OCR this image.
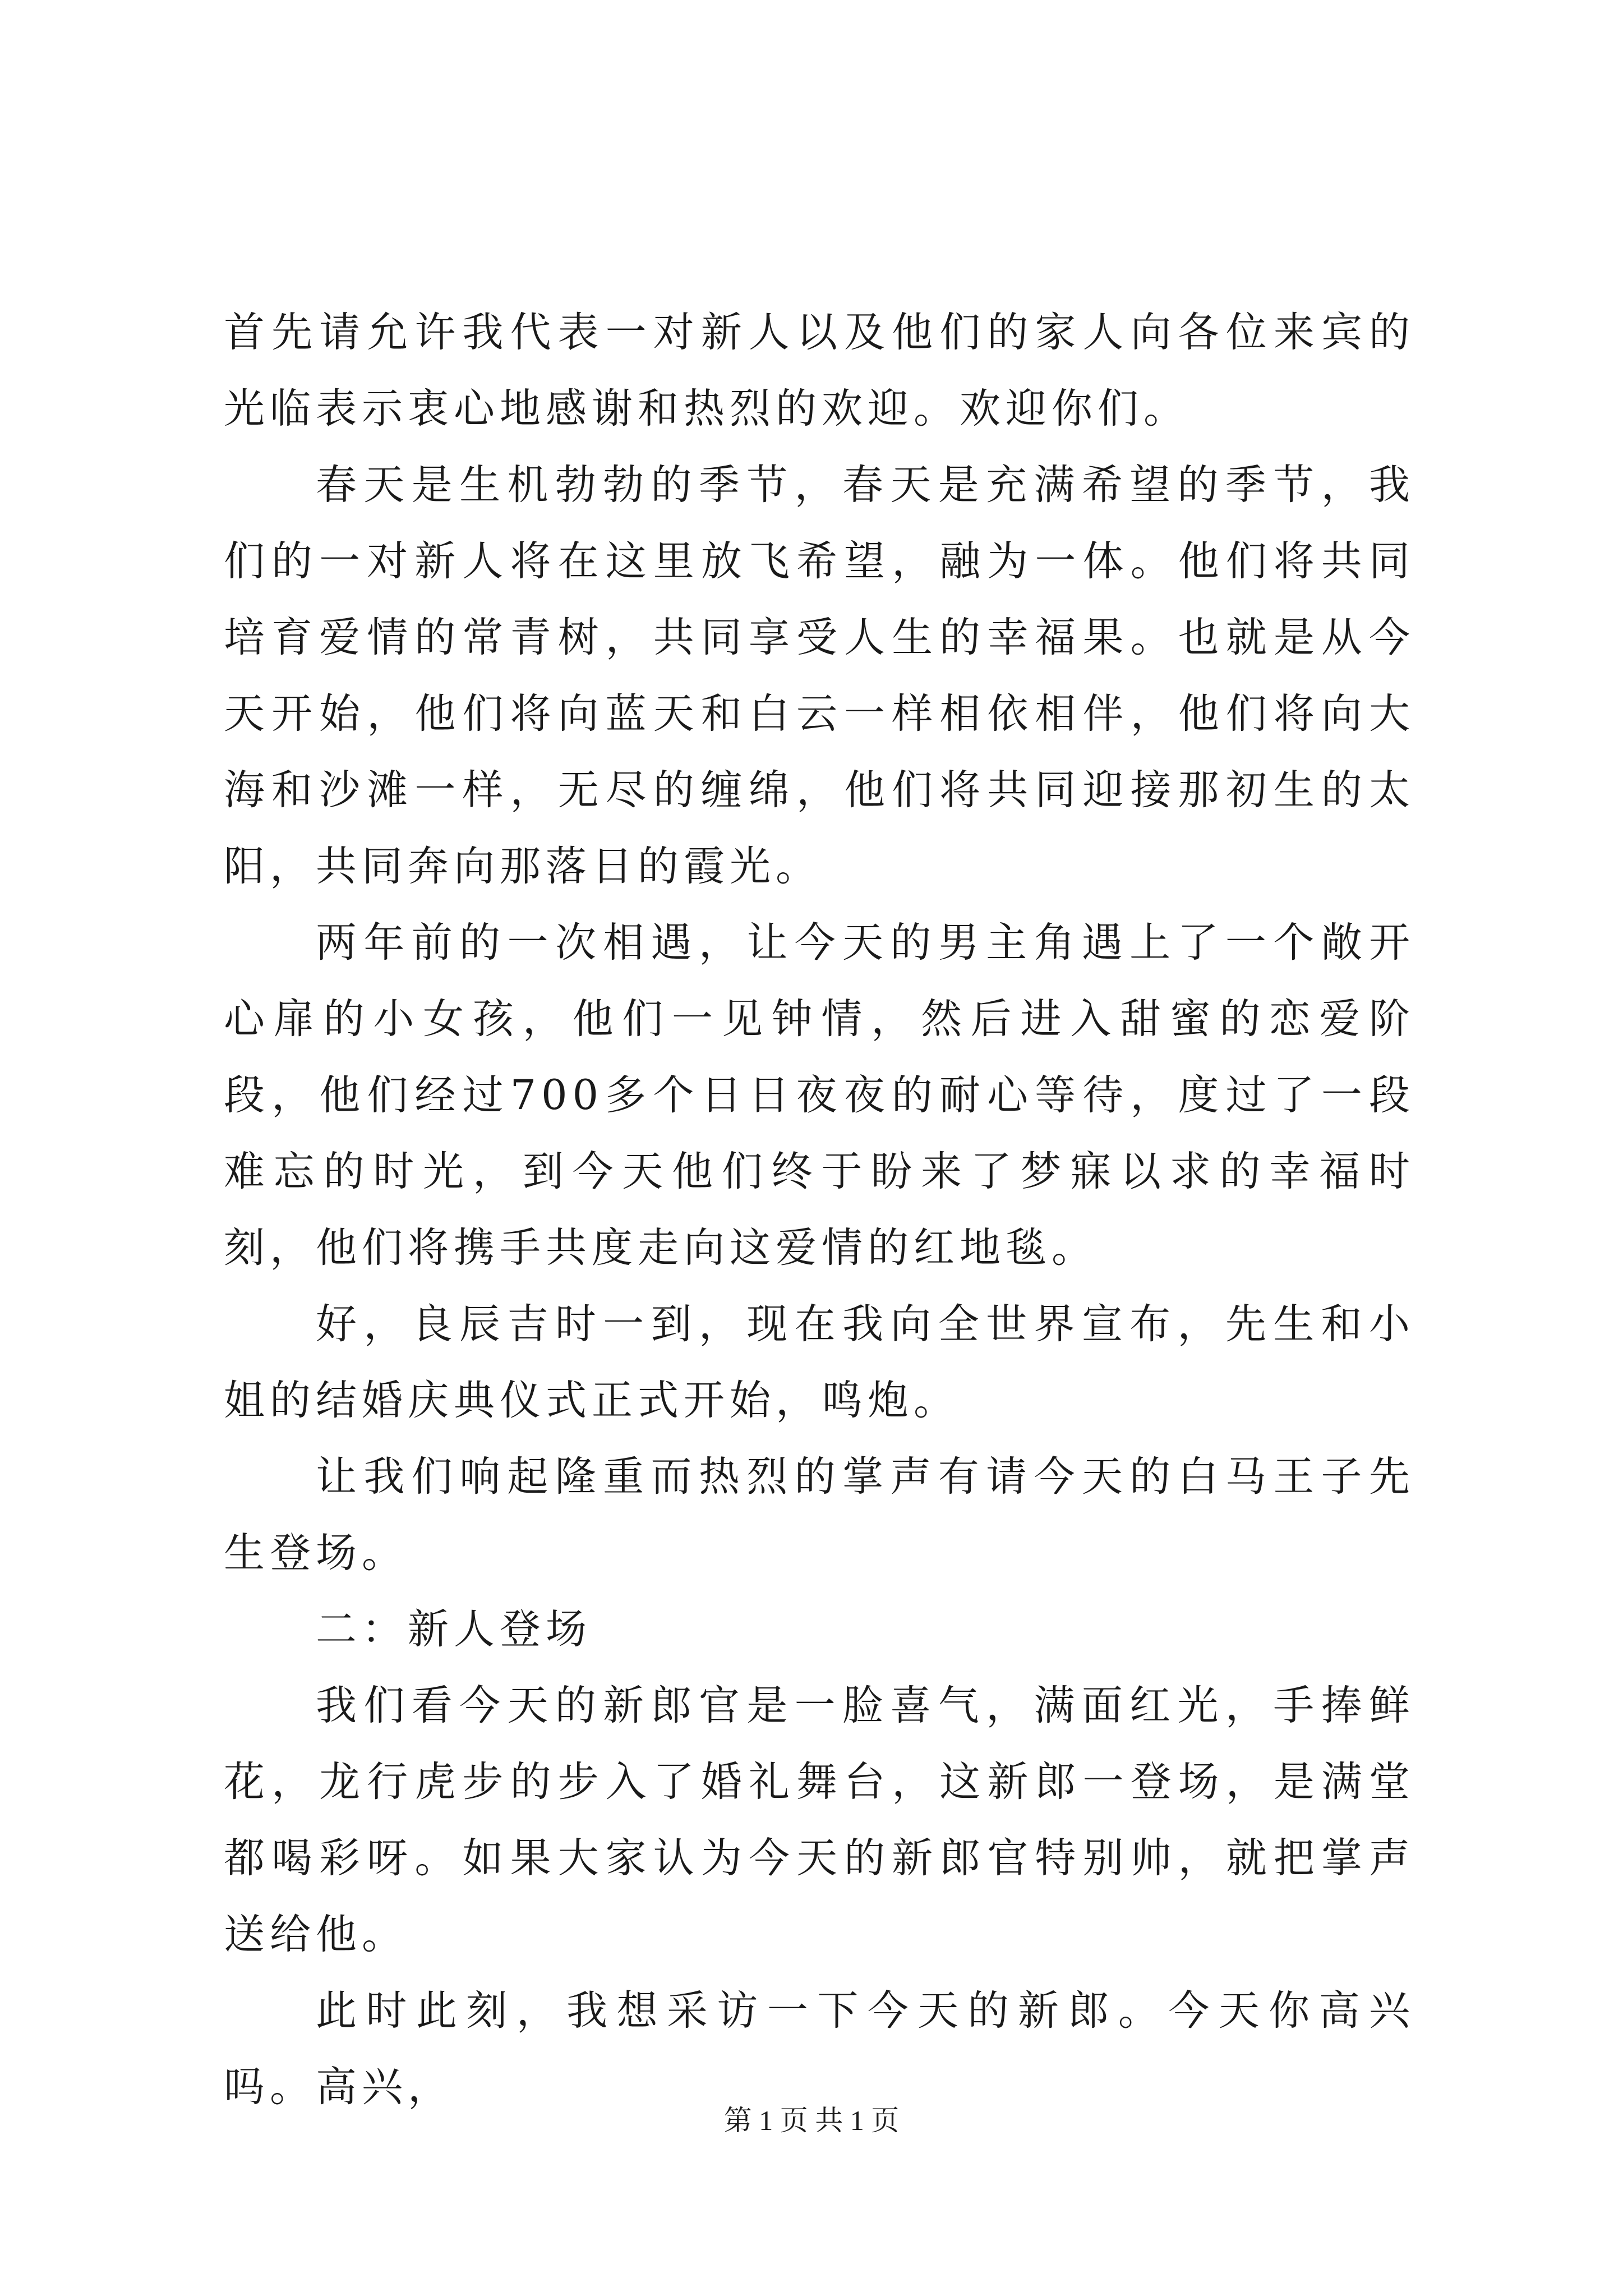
首先请允许我代表一对新人以及他们的家人向各位来宾的光临表示衷心地感谢和热烈的欢迎。欢迎你们。

春天是生机勃勃的季节，春天是充满希望的季节，我们的一对新人将在这里放飞希望，融为一体。他们将共同培育爱情的常青树，共同享受人生的幸福果。也就是从今天开始，他们将向蓝天和白云一样相依相伴，他们将向大海和沙滩一样，无尽的缠绵，他们将共同迎接那初生的太阳，共同奔向那落日的霞光。

两年前的一次相遇，让今天的男主角遇上了一个敞开心扉的小女孩，他们一见钟情，然后进入甜蜜的恋爱阶段，他们经过700多个日日夜夜的耐心等待，度过了一段难忘的时光，到今天他们终于盼来了梦寐以求的幸福时刻，他们将携手共度走向这爱情的红地毯。

好，良辰吉时一到，现在我向全世界宣布，先生和小姐的结婚庆典仪式正式开始，鸣炮。

让我们响起隆重而热烈的掌声有请今天的白马王子先生登场。

二：新人登场

我们看今天的新郎官是一脸喜气，满面红光，手捧鲜花，龙行虎步的步入了婚礼舞台，这新郎一登场，是满堂都喝彩呀。如果大家认为今天的新郎官特别帅，就把掌声送给他。

此时此刻，我想采访一下今天的新郎。今天你高兴吗。高兴，

第 1 页 共 1 页
